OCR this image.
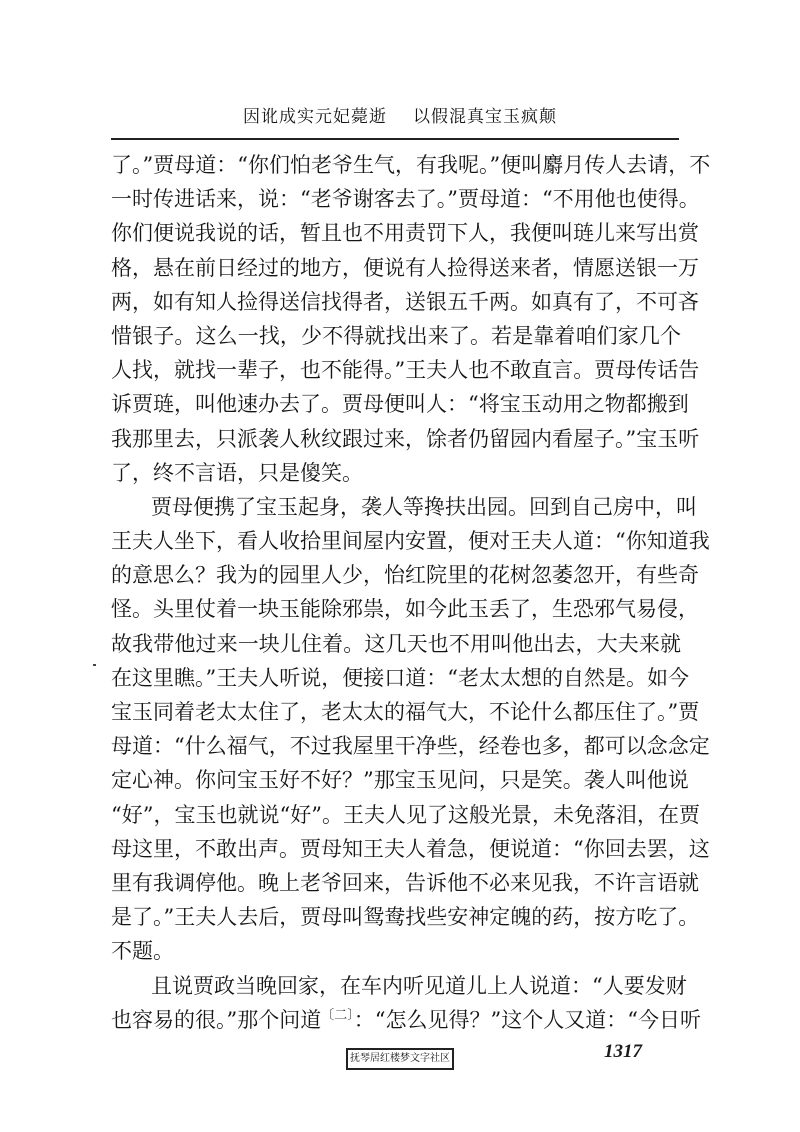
因讹成实元妃薨逝 以假混真宝玉疯颠
了。”贾母道：“你们怕老爷生气，有我呢。”便叫麝月传人去请，不
一时传进话来，说：“老爷谢客去了。”贾母道：“不用他也使得。
你们便说我说的话，暂且也不用责罚下人，我便叫琏儿来写出赏
格，悬在前日经过的地方，便说有人捡得送来者，情愿送银一万
两，如有知人捡得送信找得者，送银五千两。如真有了，不可吝
惜银子。这么一找，少不得就找出来了。若是靠着咱们家几个
人找，就找一辈子，也不能得。”王夫人也不敢直言。贾母传话告
诉贾琏，叫他速办去了。贾母便叫人：“将宝玉动用之物都搬到
我那里去，只派袭人秋纹跟过来，馀者仍留园内看屋子。”宝玉听
了，终不言语，只是傻笑。
贾母便携了宝玉起身，袭人等搀扶出园。回到自己房中，叫
王夫人坐下，看人收拾里间屋内安置，便对王夫人道：“你知道我
的意思么？我为的园里人少，怡红院里的花树忽萎忽开，有些奇
怪。头里仗着一块玉能除邪祟，如今此玉丢了，生恐邪气易侵，
故我带他过来一块儿住着。这几天也不用叫他出去，大夫来就
在这里瞧。”王夫人听说，便接口道：“老太太想的自然是。如今
宝玉同着老太太住了，老太太的福气大，不论什么都压住了。”贾
母道：“什么福气，不过我屋里干净些，经卷也多，都可以念念定
定心神。你问宝玉好不好？”那宝玉见问，只是笑。袭人叫他说
“好”，宝玉也就说“好”。王夫人见了这般光景，未免落泪，在贾
母这里，不敢出声。贾母知王夫人着急，便说道：“你回去罢，这
里有我调停他。晚上老爷回来，告诉他不必来见我，不许言语就
是了。”王夫人去后，贾母叫鸳鸯找些安神定魄的药，按方吃了。
不题。
且说贾政当晚回家，在车内听见道儿上人说道：“人要发财
也容易的很。”那个问道$^{〔二〕}$：“怎么见得？”这个人又道：“今日听
抚琴居红楼梦文字社区	1317
